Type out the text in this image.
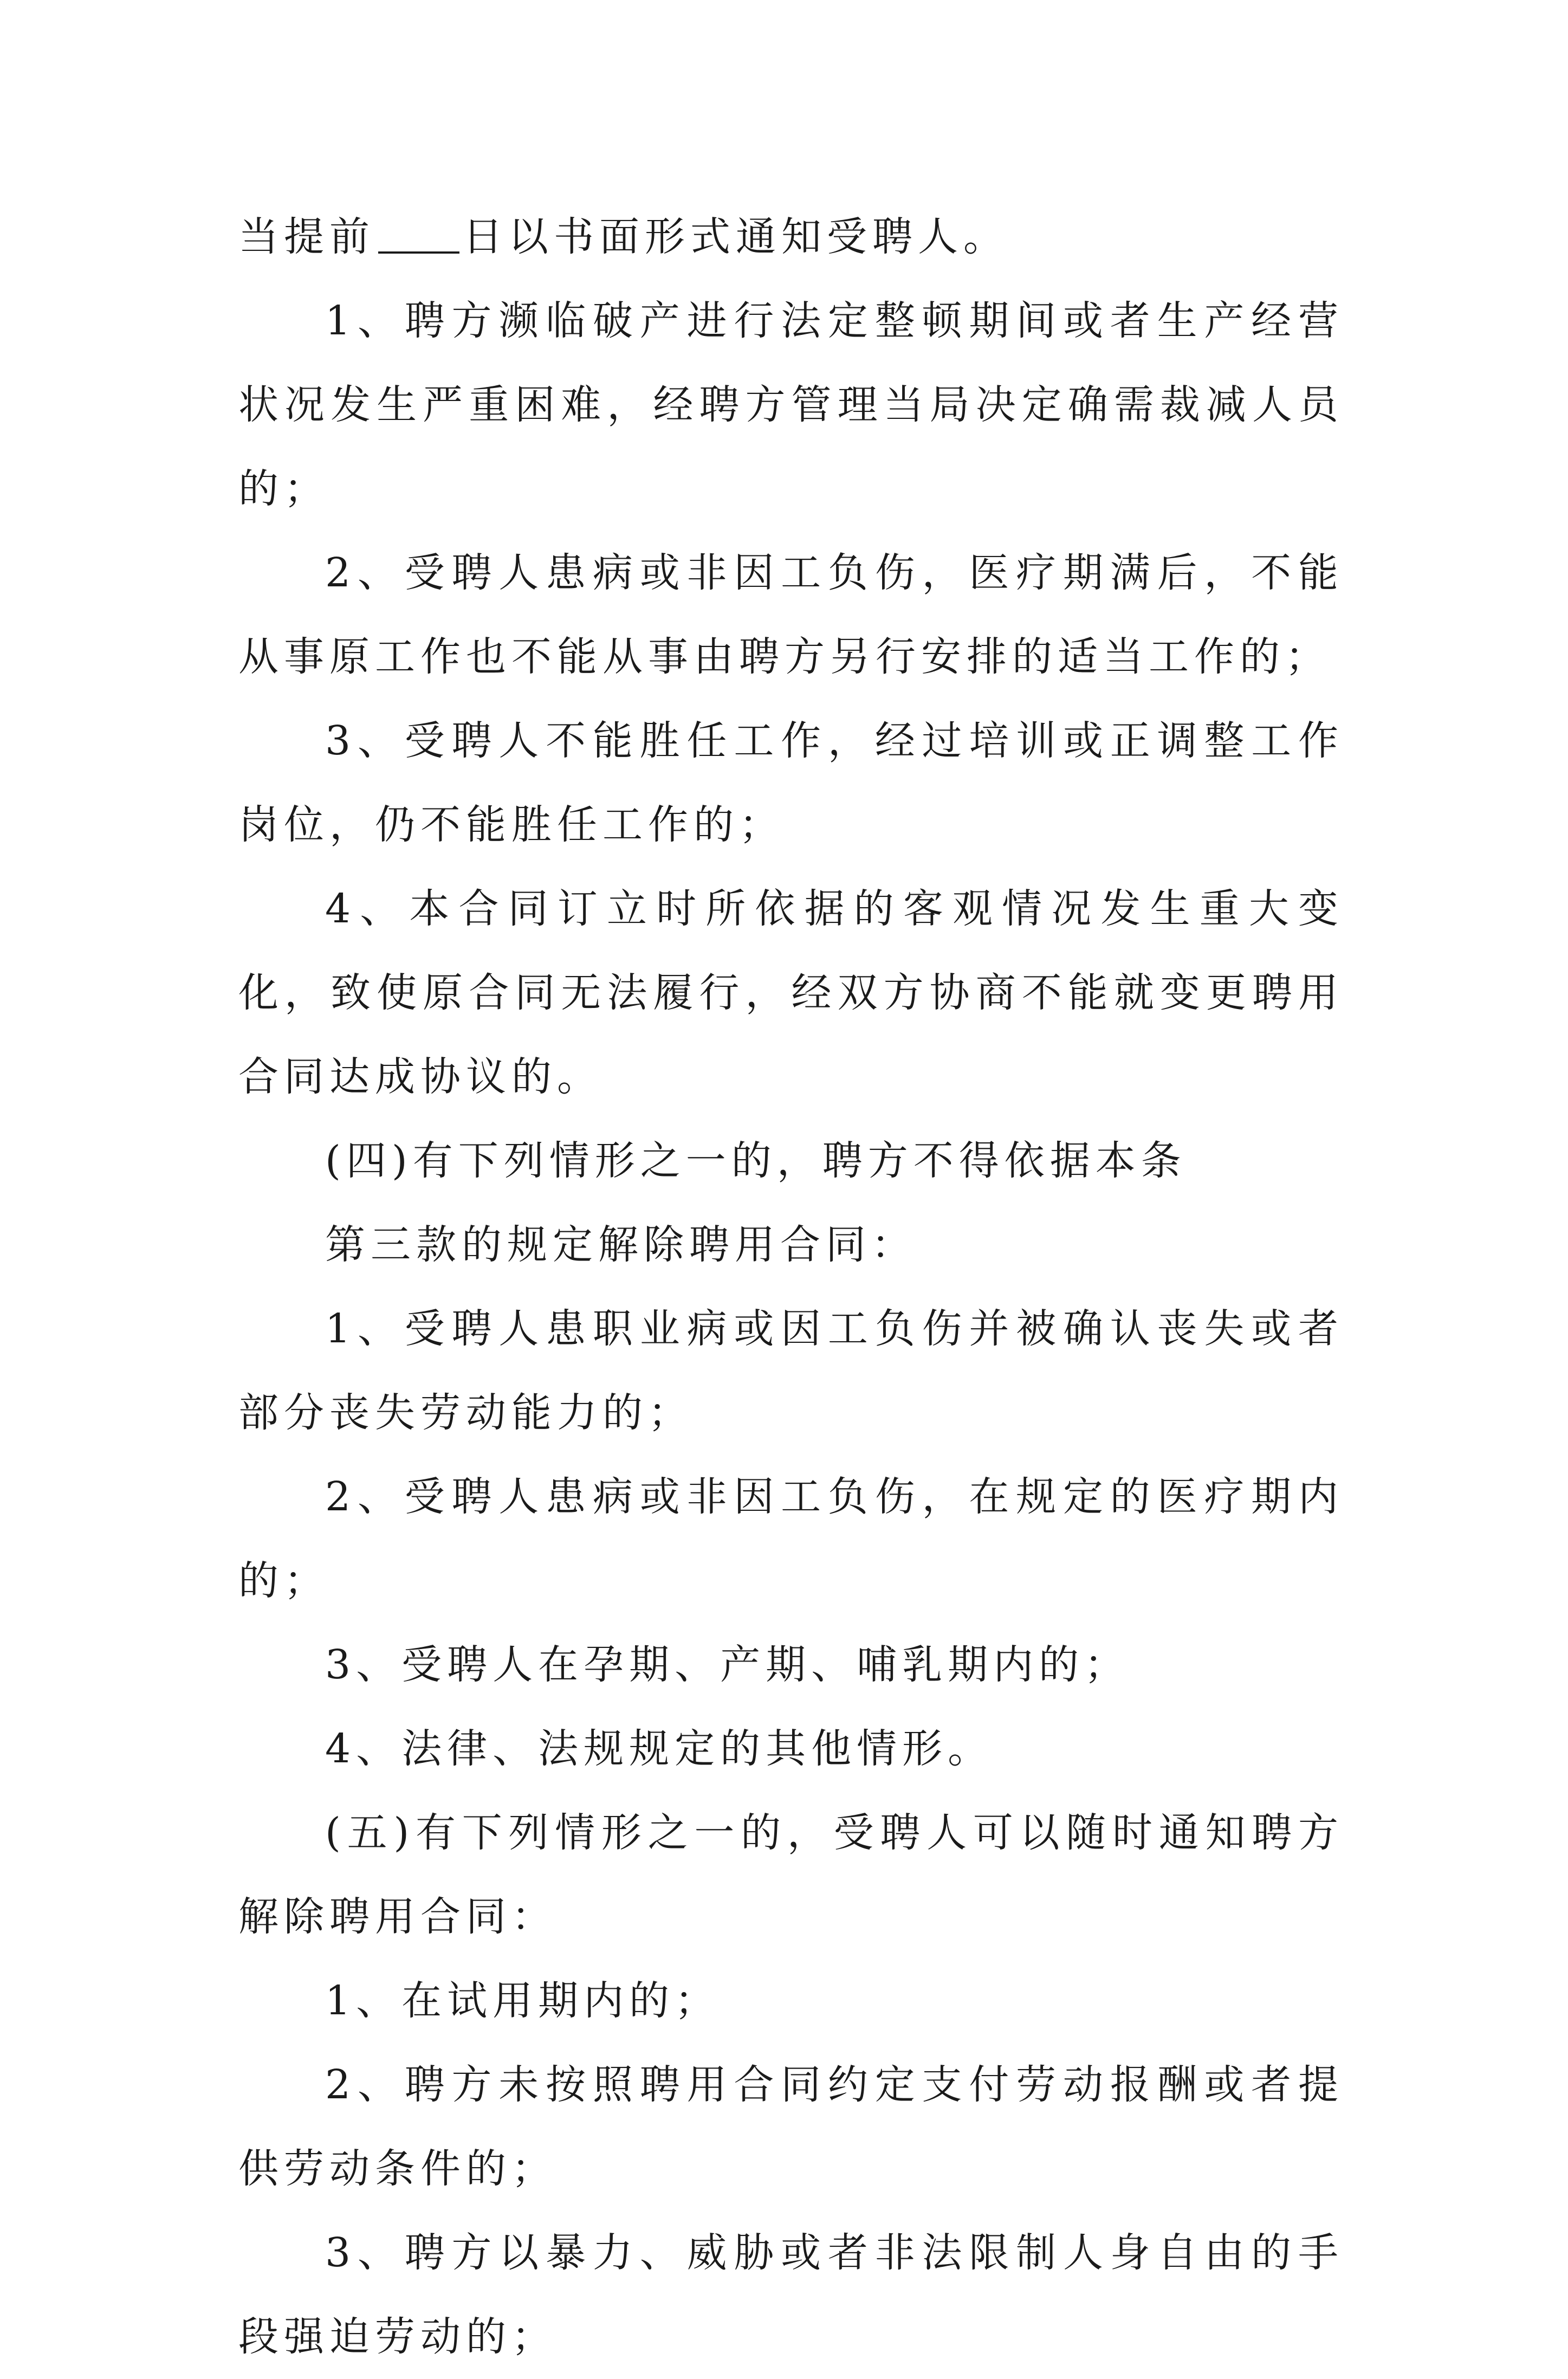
当提前 日以书面形式通知受聘人。

1、聘方濒临破产进行法定整顿期间或者生产经营状况发生严重困难，经聘方管理当局决定确需裁减人员的；

2、受聘人患病或非因工负伤，医疗期满后，不能从事原工作也不能从事由聘方另行安排的适当工作的；

3、受聘人不能胜任工作，经过培训或正调整工作岗位，仍不能胜任工作的；

4、本合同订立时所依据的客观情况发生重大变化，致使原合同无法履行，经双方协商不能就变更聘用合同达成协议的。

(四)有下列情形之一的，聘方不得依据本条

第三款的规定解除聘用合同：

1、受聘人患职业病或因工负伤并被确认丧失或者部分丧失劳动能力的；

2、受聘人患病或非因工负伤，在规定的医疗期内的；

3、受聘人在孕期、产期、哺乳期内的；

4、法律、法规规定的其他情形。

(五)有下列情形之一的，受聘人可以随时通知聘方解除聘用合同：

1、在试用期内的；

2、聘方未按照聘用合同约定支付劳动报酬或者提供劳动条件的；

3、聘方以暴力、威胁或者非法限制人身自由的手段强迫劳动的；
